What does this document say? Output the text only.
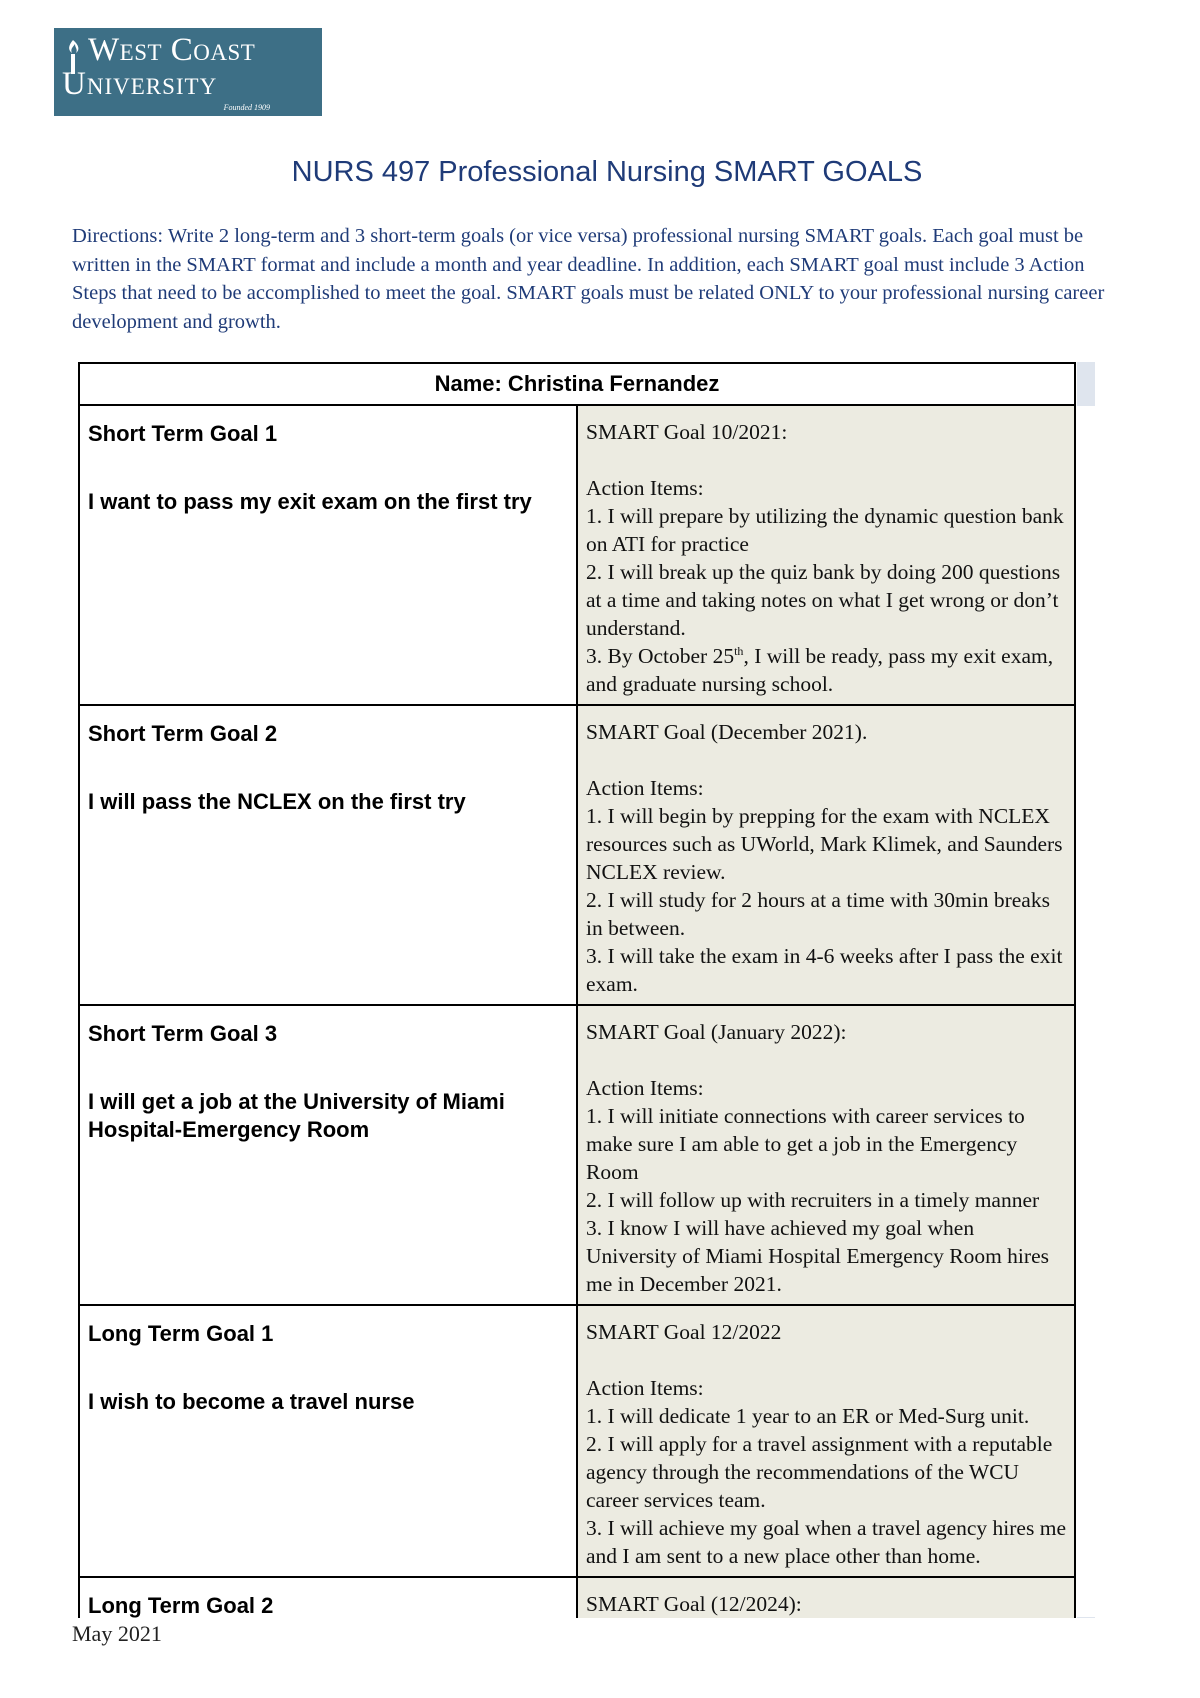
West Coast
University
Founded 1909
NURS 497 Professional Nursing SMART GOALS
Directions: Write 2 long-term and 3 short-term goals (or vice versa) professional nursing SMART goals. Each goal must be written in the SMART format and include a month and year deadline. In addition, each SMART goal must include 3 Action Steps that need to be accomplished to meet the goal. SMART goals must be related ONLY to your professional nursing career development and growth.
Name: Christina Fernandez	

Short Term Goal 1
I want to pass my exit exam on the first try	SMART Goal 10/2021:
Action Items:
1. I will prepare by utilizing the dynamic question bank on ATI for practice
2. I will break up the quiz bank by doing 200 questions at a time and taking notes on what I get wrong or don’t understand.
3. By October 25th, I will be ready, pass my exit exam, and graduate nursing school.

Short Term Goal 2
I will pass the NCLEX on the first try	SMART Goal (December 2021).
Action Items:
1. I will begin by prepping for the exam with NCLEX resources such as UWorld, Mark Klimek, and Saunders NCLEX review.
2. I will study for 2 hours at a time with 30min breaks in between.
3. I will take the exam in 4-6 weeks after I pass the exit exam.

Short Term Goal 3
I will get a job at the University of Miami Hospital-Emergency Room	SMART Goal (January 2022):
Action Items:
1. I will initiate connections with career services to make sure I am able to get a job in the Emergency Room
2. I will follow up with recruiters in a timely manner
3. I know I will have achieved my goal when University of Miami Hospital Emergency Room hires me in December 2021.

Long Term Goal 1
I wish to become a travel nurse	SMART Goal 12/2022
Action Items:
1. I will dedicate 1 year to an ER or Med-Surg unit.
2. I will apply for a travel assignment with a reputable agency through the recommendations of the WCU career services team.
3. I will achieve my goal when a travel agency hires me and I am sent to a new place other than home.

Long Term Goal 2	SMART Goal (12/2024):
May 2021
